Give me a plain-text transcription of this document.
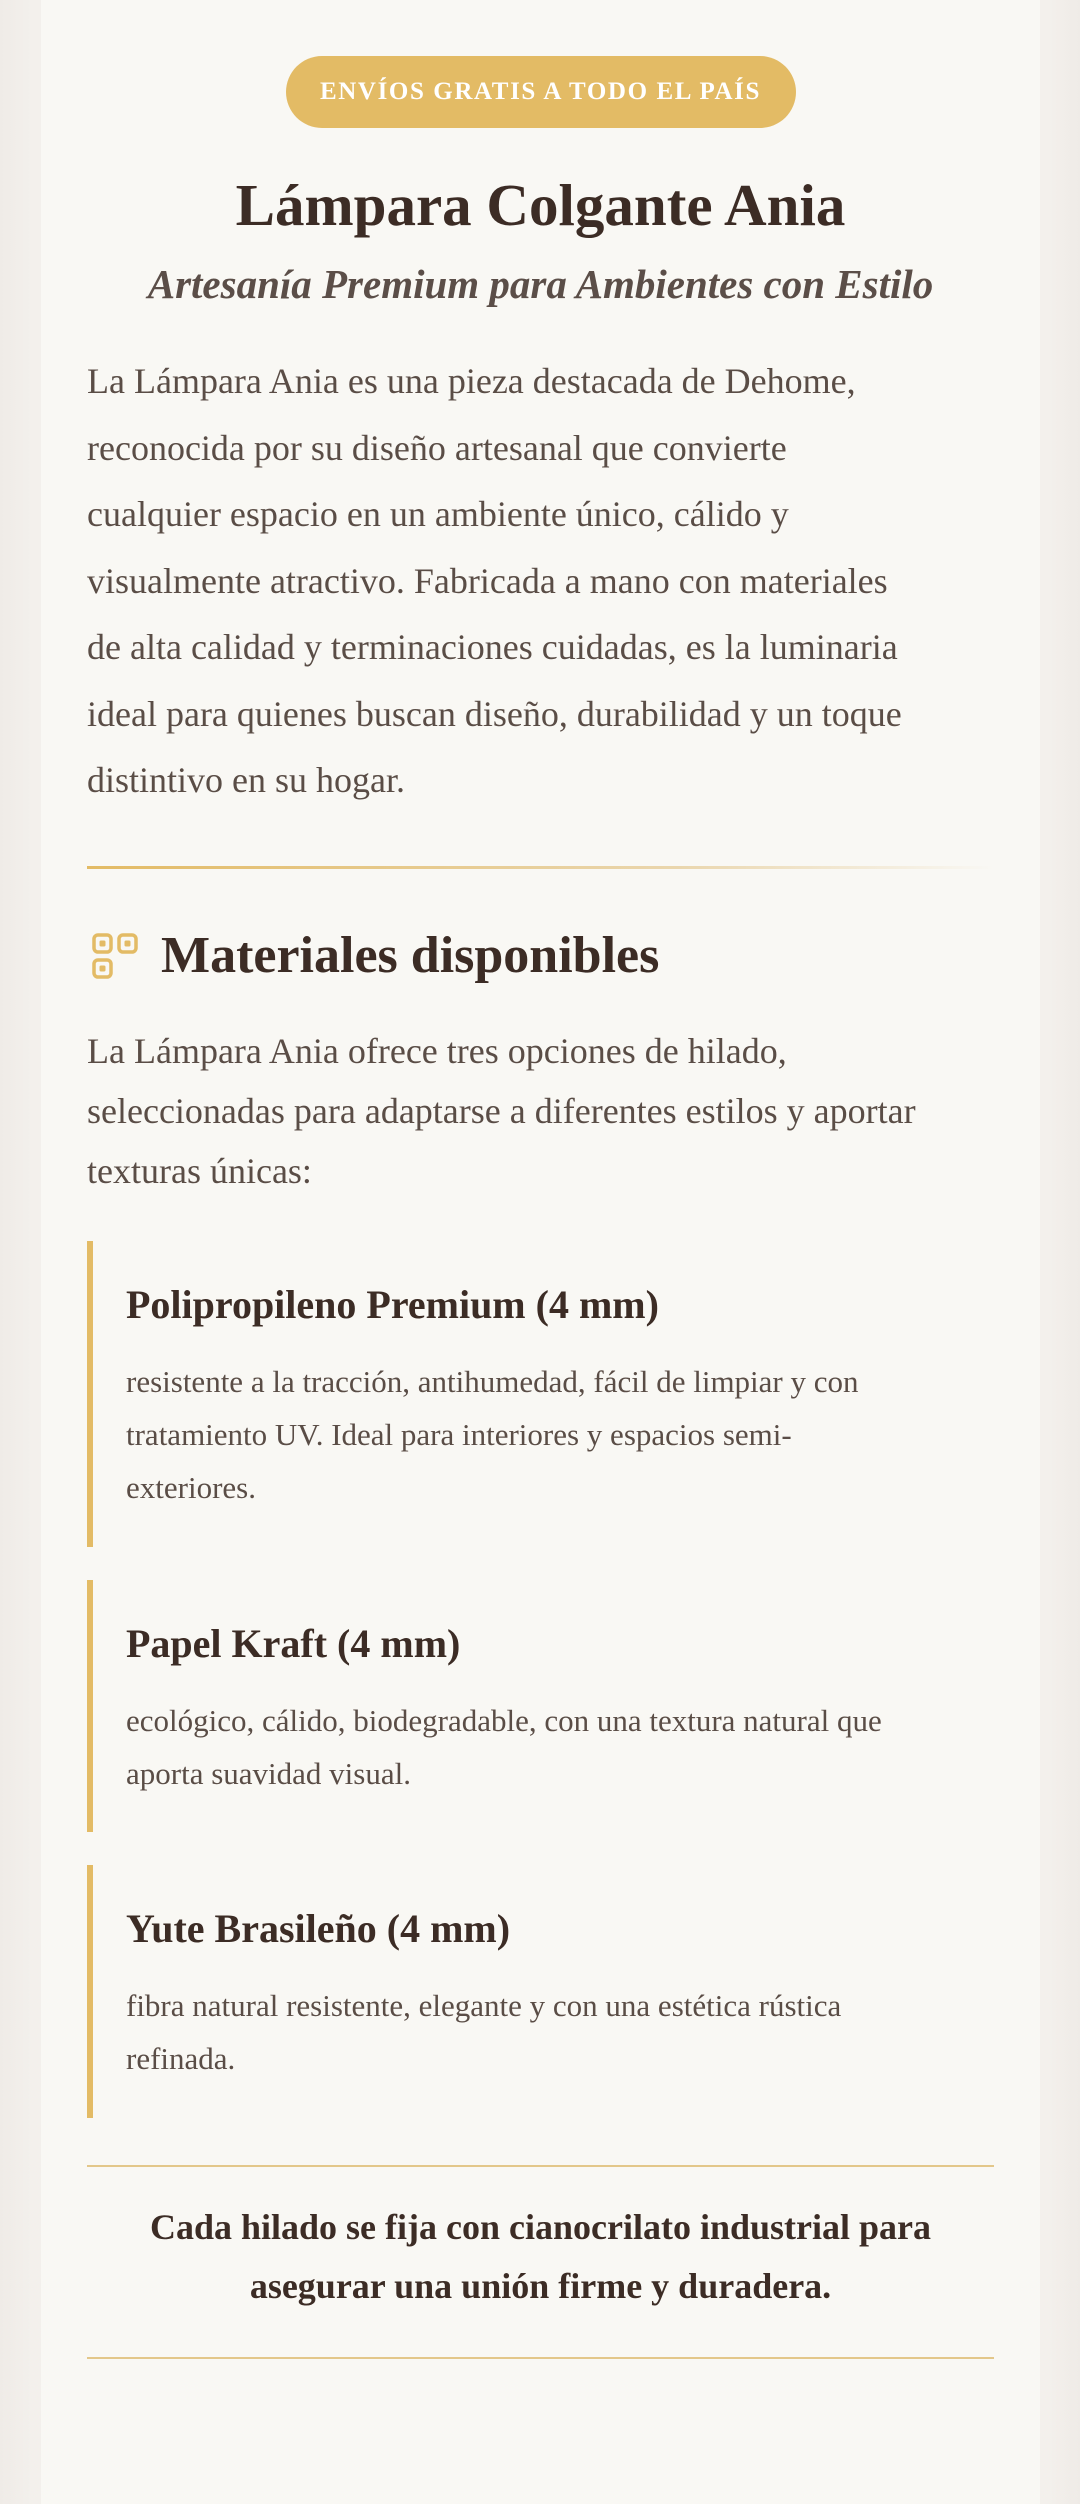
ENVÍOS GRATIS A TODO EL PAÍS
Lámpara Colgante Ania
Artesanía Premium para Ambientes con Estilo

La Lámpara Ania es una pieza destacada de Dehome,
reconocida por su diseño artesanal que convierte
cualquier espacio en un ambiente único, cálido y
visualmente atractivo. Fabricada a mano con materiales
de alta calidad y terminaciones cuidadas, es la luminaria
ideal para quienes buscan diseño, durabilidad y un toque
distintivo en su hogar.

Materiales disponibles

La Lámpara Ania ofrece tres opciones de hilado,
seleccionadas para adaptarse a diferentes estilos y aportar
texturas únicas:

Polipropileno Premium (4 mm)

resistente a la tracción, antihumedad, fácil de limpiar y con
tratamiento UV. Ideal para interiores y espacios semi-
exteriores.

Papel Kraft (4 mm)

ecológico, cálido, biodegradable, con una textura natural que
aporta suavidad visual.

Yute Brasileño (4 mm)

fibra natural resistente, elegante y con una estética rústica
refinada.

Cada hilado se fija con cianocrilato industrial para
asegurar una unión firme y duradera.
